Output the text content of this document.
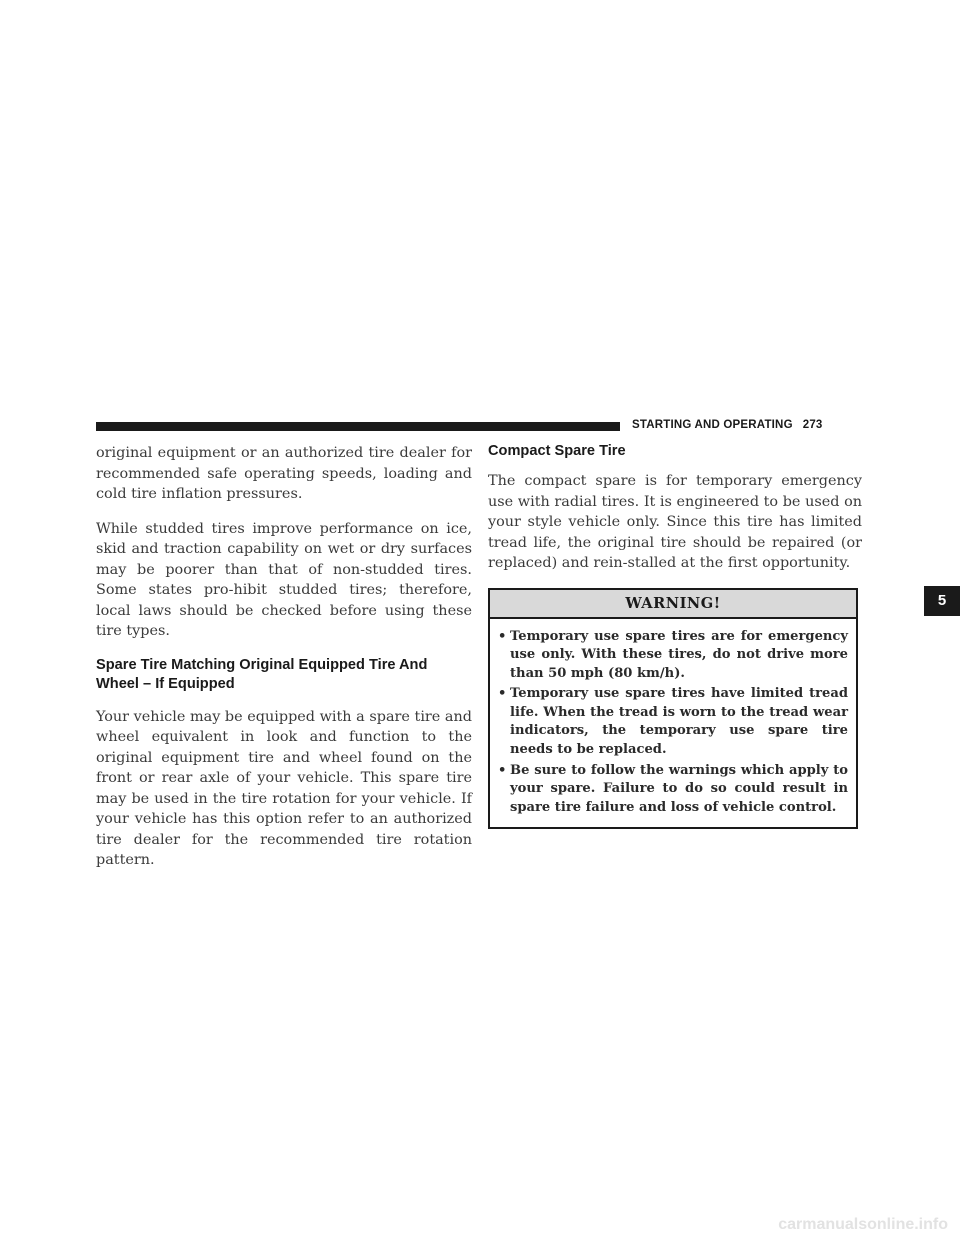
STARTING AND OPERATING 273

original equipment or an authorized tire dealer for recommended safe operating speeds, loading and cold tire inflation pressures.

While studded tires improve performance on ice, skid and traction capability on wet or dry surfaces may be poorer than that of non-studded tires. Some states pro-hibit studded tires; therefore, local laws should be checked before using these tire types.

Spare Tire Matching Original Equipped Tire And Wheel – If Equipped

Your vehicle may be equipped with a spare tire and wheel equivalent in look and function to the original equipment tire and wheel found on the front or rear axle of your vehicle. This spare tire may be used in the tire rotation for your vehicle. If your vehicle has this option refer to an authorized tire dealer for the recommended tire rotation pattern.

Compact Spare Tire

The compact spare is for temporary emergency use with radial tires. It is engineered to be used on your style vehicle only. Since this tire has limited tread life, the original tire should be repaired (or replaced) and rein-stalled at the first opportunity.

WARNING!
• Temporary use spare tires are for emergency use only. With these tires, do not drive more than 50 mph (80 km/h).
• Temporary use spare tires have limited tread life. When the tread is worn to the tread wear indicators, the temporary use spare tire needs to be replaced.
• Be sure to follow the warnings which apply to your spare. Failure to do so could result in spare tire failure and loss of vehicle control.
5
carmanualsonline.info
